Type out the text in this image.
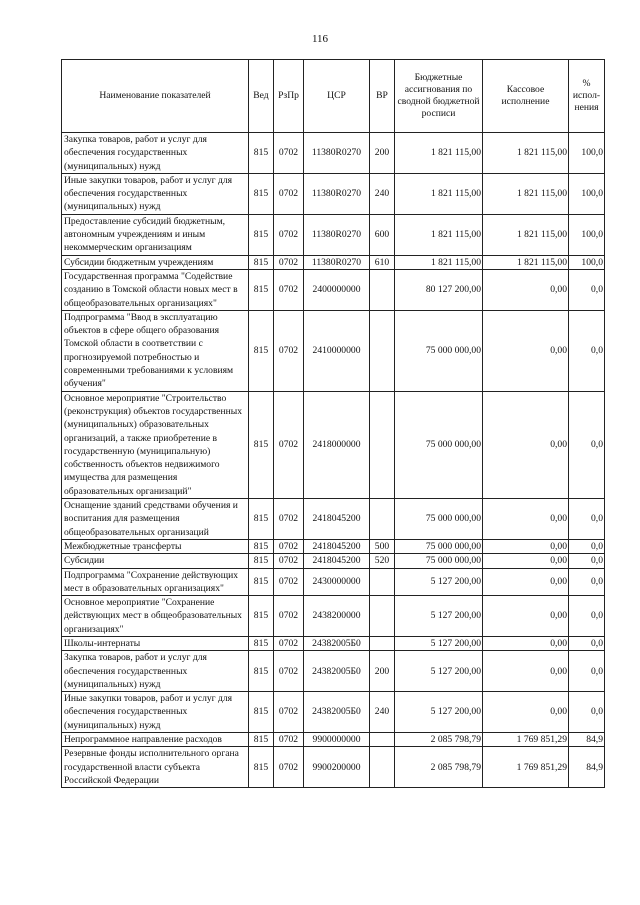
116
Наименование показателей	Вед	РзПр	ЦСР	ВР	Бюджетные ассигнования по сводной бюджетной росписи	Кассовое исполнение	% испол-нения
Закупка товаров, работ и услуг для обеспечения государственных (муниципальных) нужд	815	0702	11380R0270	200	1 821 115,00	1 821 115,00	100,0
Иные закупки товаров, работ и услуг для обеспечения государственных (муниципальных) нужд	815	0702	11380R0270	240	1 821 115,00	1 821 115,00	100,0
Предоставление субсидий бюджетным, автономным учреждениям и иным некоммерческим организациям	815	0702	11380R0270	600	1 821 115,00	1 821 115,00	100,0
Субсидии бюджетным учреждениям	815	0702	11380R0270	610	1 821 115,00	1 821 115,00	100,0
Государственная программа "Содействие созданию в Томской области новых мест в общеобразовательных организациях"	815	0702	2400000000		80 127 200,00	0,00	0,0
Подпрограмма "Ввод в эксплуатацию объектов в сфере общего образования Томской области в соответствии с прогнозируемой потребностью и современными требованиями к условиям обучения"	815	0702	2410000000		75 000 000,00	0,00	0,0
Основное мероприятие "Строительство (реконструкция) объектов государственных (муниципальных) образовательных организаций, а также приобретение в государственную (муниципальную) собственность объектов недвижимого имущества для размещения образовательных организаций"	815	0702	2418000000		75 000 000,00	0,00	0,0
Оснащение зданий средствами обучения и воспитания для размещения общеобразовательных организаций	815	0702	2418045200		75 000 000,00	0,00	0,0
Межбюджетные трансферты	815	0702	2418045200	500	75 000 000,00	0,00	0,0
Субсидии	815	0702	2418045200	520	75 000 000,00	0,00	0,0
Подпрограмма "Сохранение действующих мест в образовательных организациях"	815	0702	2430000000		5 127 200,00	0,00	0,0
Основное мероприятие "Сохранение действующих мест в общеобразовательных организациях"	815	0702	2438200000		5 127 200,00	0,00	0,0
Школы-интернаты	815	0702	24382005Б0		5 127 200,00	0,00	0,0
Закупка товаров, работ и услуг для обеспечения государственных (муниципальных) нужд	815	0702	24382005Б0	200	5 127 200,00	0,00	0,0
Иные закупки товаров, работ и услуг для обеспечения государственных (муниципальных) нужд	815	0702	24382005Б0	240	5 127 200,00	0,00	0,0
Непрограммное направление расходов	815	0702	9900000000		2 085 798,79	1 769 851,29	84,9
Резервные фонды исполнительного органа государственной власти субъекта Российской Федерации	815	0702	9900200000		2 085 798,79	1 769 851,29	84,9
